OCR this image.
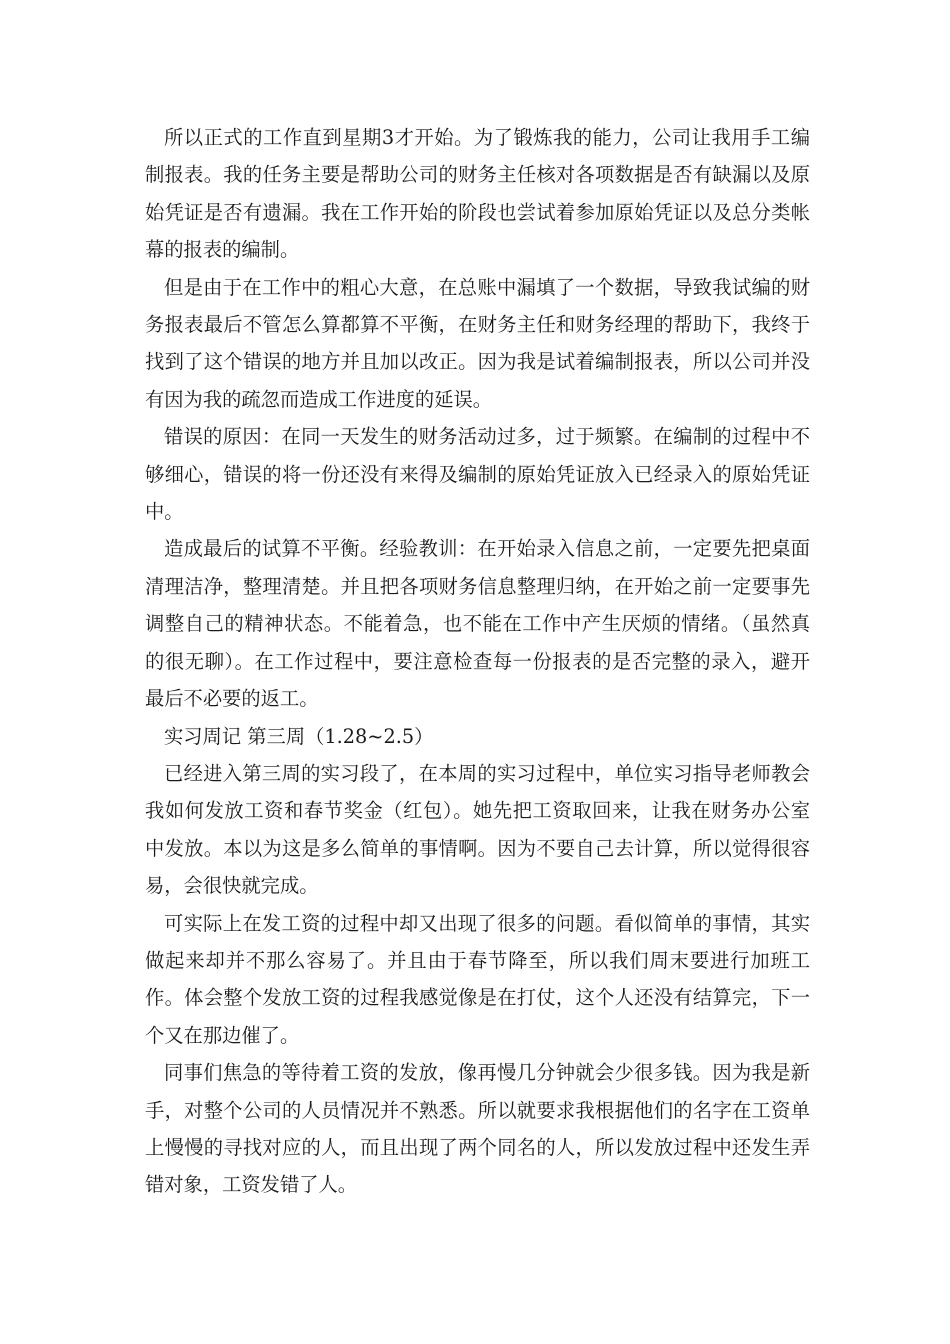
所以正式的工作直到星期3才开始。为了锻炼我的能力，公司让我用手工编制报表。我的任务主要是帮助公司的财务主任核对各项数据是否有缺漏以及原始凭证是否有遗漏。我在工作开始的阶段也尝试着参加原始凭证以及总分类帐幕的报表的编制。

但是由于在工作中的粗心大意，在总账中漏填了一个数据，导致我试编的财务报表最后不管怎么算都算不平衡，在财务主任和财务经理的帮助下，我终于找到了这个错误的地方并且加以改正。因为我是试着编制报表，所以公司并没有因为我的疏忽而造成工作进度的延误。

错误的原因：在同一天发生的财务活动过多，过于频繁。在编制的过程中不够细心，错误的将一份还没有来得及编制的原始凭证放入已经录入的原始凭证中。

造成最后的试算不平衡。经验教训：在开始录入信息之前，一定要先把桌面清理洁净，整理清楚。并且把各项财务信息整理归纳，在开始之前一定要事先调整自己的精神状态。不能着急，也不能在工作中产生厌烦的情绪。（虽然真的很无聊）。在工作过程中，要注意检查每一份报表的是否完整的录入，避开最后不必要的返工。

实习周记 第三周（1.28~2.5）

已经进入第三周的实习段了，在本周的实习过程中，单位实习指导老师教会我如何发放工资和春节奖金（红包）。她先把工资取回来，让我在财务办公室中发放。本以为这是多么简单的事情啊。因为不要自己去计算，所以觉得很容易，会很快就完成。

可实际上在发工资的过程中却又出现了很多的问题。看似简单的事情，其实做起来却并不那么容易了。并且由于春节降至，所以我们周末要进行加班工作。体会整个发放工资的过程我感觉像是在打仗，这个人还没有结算完，下一个又在那边催了。

同事们焦急的等待着工资的发放，像再慢几分钟就会少很多钱。因为我是新手，对整个公司的人员情况并不熟悉。所以就要求我根据他们的名字在工资单上慢慢的寻找对应的人，而且出现了两个同名的人，所以发放过程中还发生弄错对象，工资发错了人。
